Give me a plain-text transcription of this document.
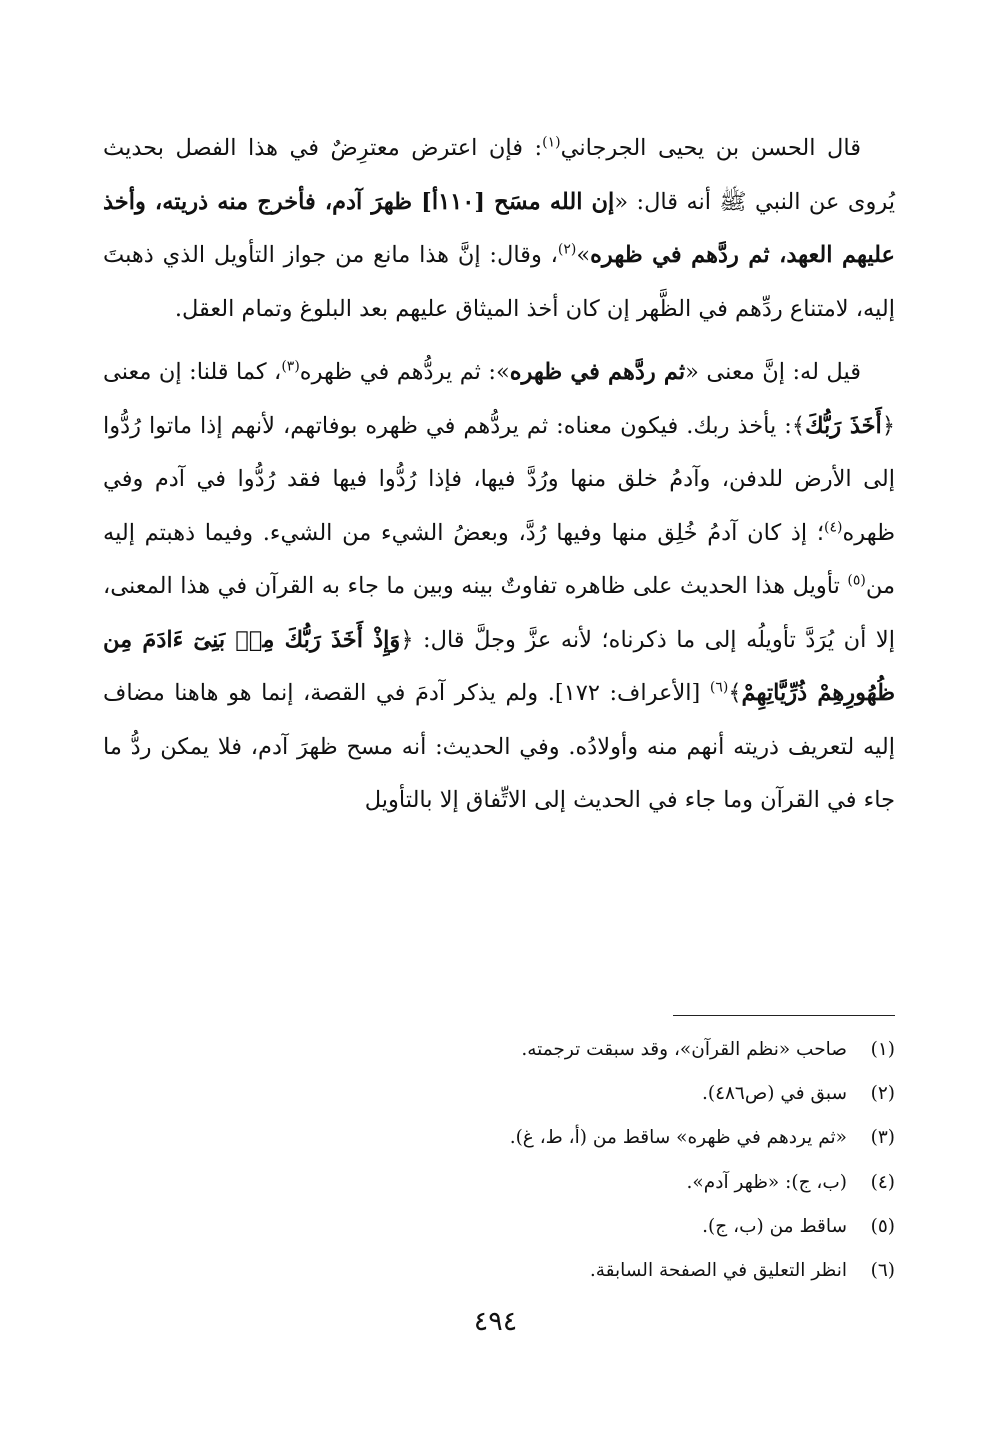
قال الحسن بن يحيى الجرجاني$^{(١)}$: فإن اعترض معترِضٌ في هذا الفصل بحديث يُروى عن النبي ﷺ أنه قال: «إن الله مسَح [١١٠أ] ظهرَ آدم، فأخرج منه ذريته، وأخذ عليهم العهد، ثم ردَّهم في ظهره»$^{(٢)}$، وقال: إنَّ هذا مانع من جواز التأويل الذي ذهبتَ إليه، لامتناع ردِّهم في الظَّهر إن كان أخذ الميثاق عليهم بعد البلوغ وتمام العقل.

قيل له: إنَّ معنى «ثم ردَّهم في ظهره»: ثم يردُّهم في ظهره$^{(٣)}$، كما قلنا: إن معنى ﴿أَخَذَ رَبُّكَ﴾: يأخذ ربك. فيكون معناه: ثم يردُّهم في ظهره بوفاتهم، لأنهم إذا ماتوا رُدُّوا إلى الأرض للدفن، وآدمُ خلق منها ورُدَّ فيها، فإذا رُدُّوا فيها فقد رُدُّوا في آدم وفي ظهره$^{(٤)}$؛ إذ كان آدمُ خُلِق منها وفيها رُدَّ، وبعضُ الشيء من الشيء. وفيما ذهبتم إليه من$^{(٥)}$ تأويل هذا الحديث على ظاهره تفاوتٌ بينه وبين ما جاء به القرآن في هذا المعنى، إلا أن يُرَدَّ تأويلُه إلى ما ذكرناه؛ لأنه عزَّ وجلَّ قال: ﴿وَإِذْ أَخَذَ رَبُّكَ مِنۢ بَنِىٓ ءَادَمَ مِن ظُهُورِهِمْ ذُرِّيَّاتِهِمْ﴾$^{(٦)}$ [الأعراف: ١٧٢]. ولم يذكر آدمَ في القصة، إنما هو هاهنا مضاف إليه لتعريف ذريته أنهم منه وأولادُه. وفي الحديث: أنه مسح ظهرَ آدم، فلا يمكن ردُّ ما جاء في القرآن وما جاء في الحديث إلى الاتِّفاق إلا بالتأويل

(١)
صاحب «نظم القرآن»، وقد سبقت ترجمته.
(٢)
سبق في (ص٤٨٦).
(٣)
«ثم يردهم في ظهره» ساقط من (أ، ط، غ).
(٤)
(ب، ج): «ظهر آدم».
(٥)
ساقط من (ب، ج).
(٦)
انظر التعليق في الصفحة السابقة.
٤٩٤
